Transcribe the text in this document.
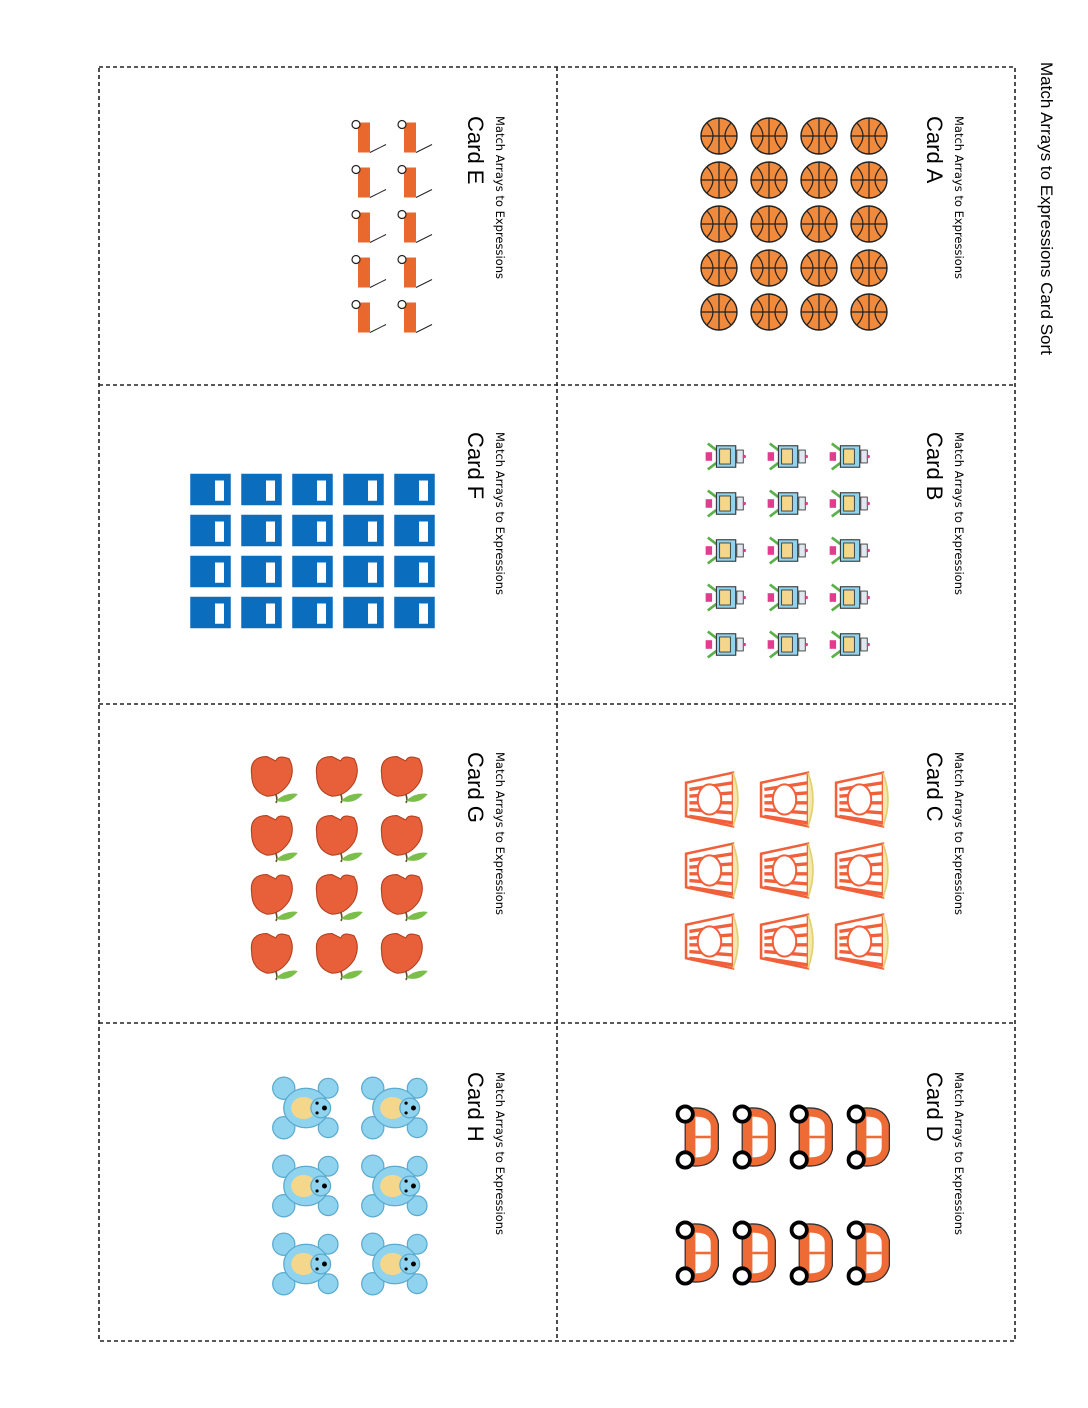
Match Arrays to Expressions Card Sort
Match Arrays to Expressions
Card A
Match Arrays to Expressions
Card B
Match Arrays to Expressions
Card C
Match Arrays to Expressions
Card D
Match Arrays to Expressions
Card E
Match Arrays to Expressions
Card F
Match Arrays to Expressions
Card G
Match Arrays to Expressions
Card H
